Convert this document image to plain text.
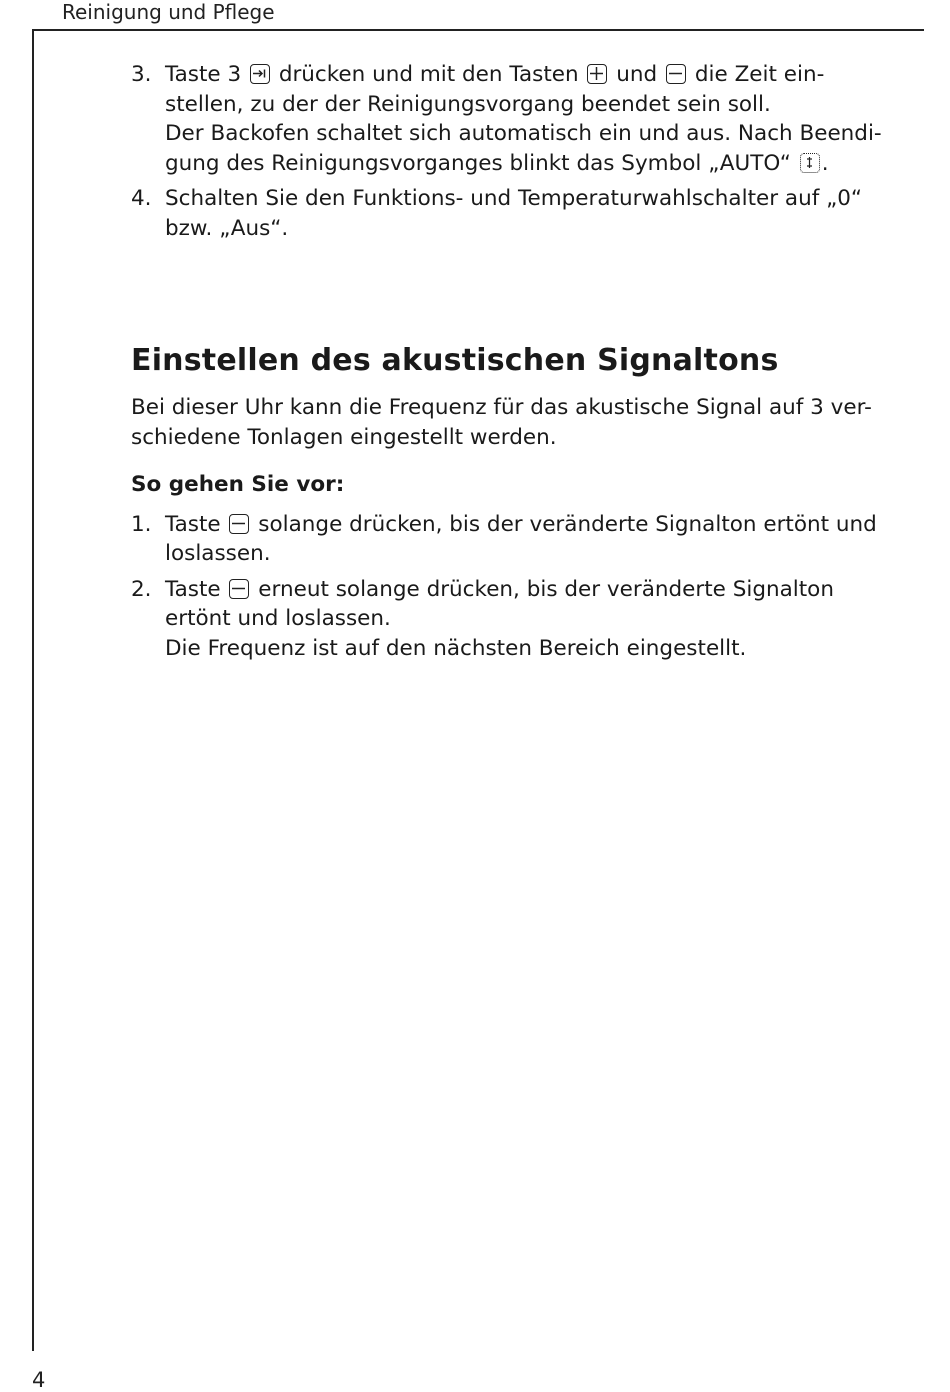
Reinigung und Pflege
3. Taste 3 drücken und mit den Tasten und die Zeit ein-
stellen, zu der der Reinigungsvorgang beendet sein soll.
Der Backofen schaltet sich automatisch ein und aus. Nach Beendi-
gung des Reinigungsvorganges blinkt das Symbol „AUTO“ .
4. Schalten Sie den Funktions- und Temperaturwahlschalter auf „0“ bzw. „Aus“.
Einstellen des akustischen Signaltons

Bei dieser Uhr kann die Frequenz für das akustische Signal auf 3 ver- schiedene Tonlagen eingestellt werden.

So gehen Sie vor:

1. Taste solange drücken, bis der veränderte Signalton ertönt und loslassen.
2. Taste erneut solange drücken, bis der veränderte Signalton ertönt und loslassen.
Die Frequenz ist auf den nächsten Bereich eingestellt.
4
